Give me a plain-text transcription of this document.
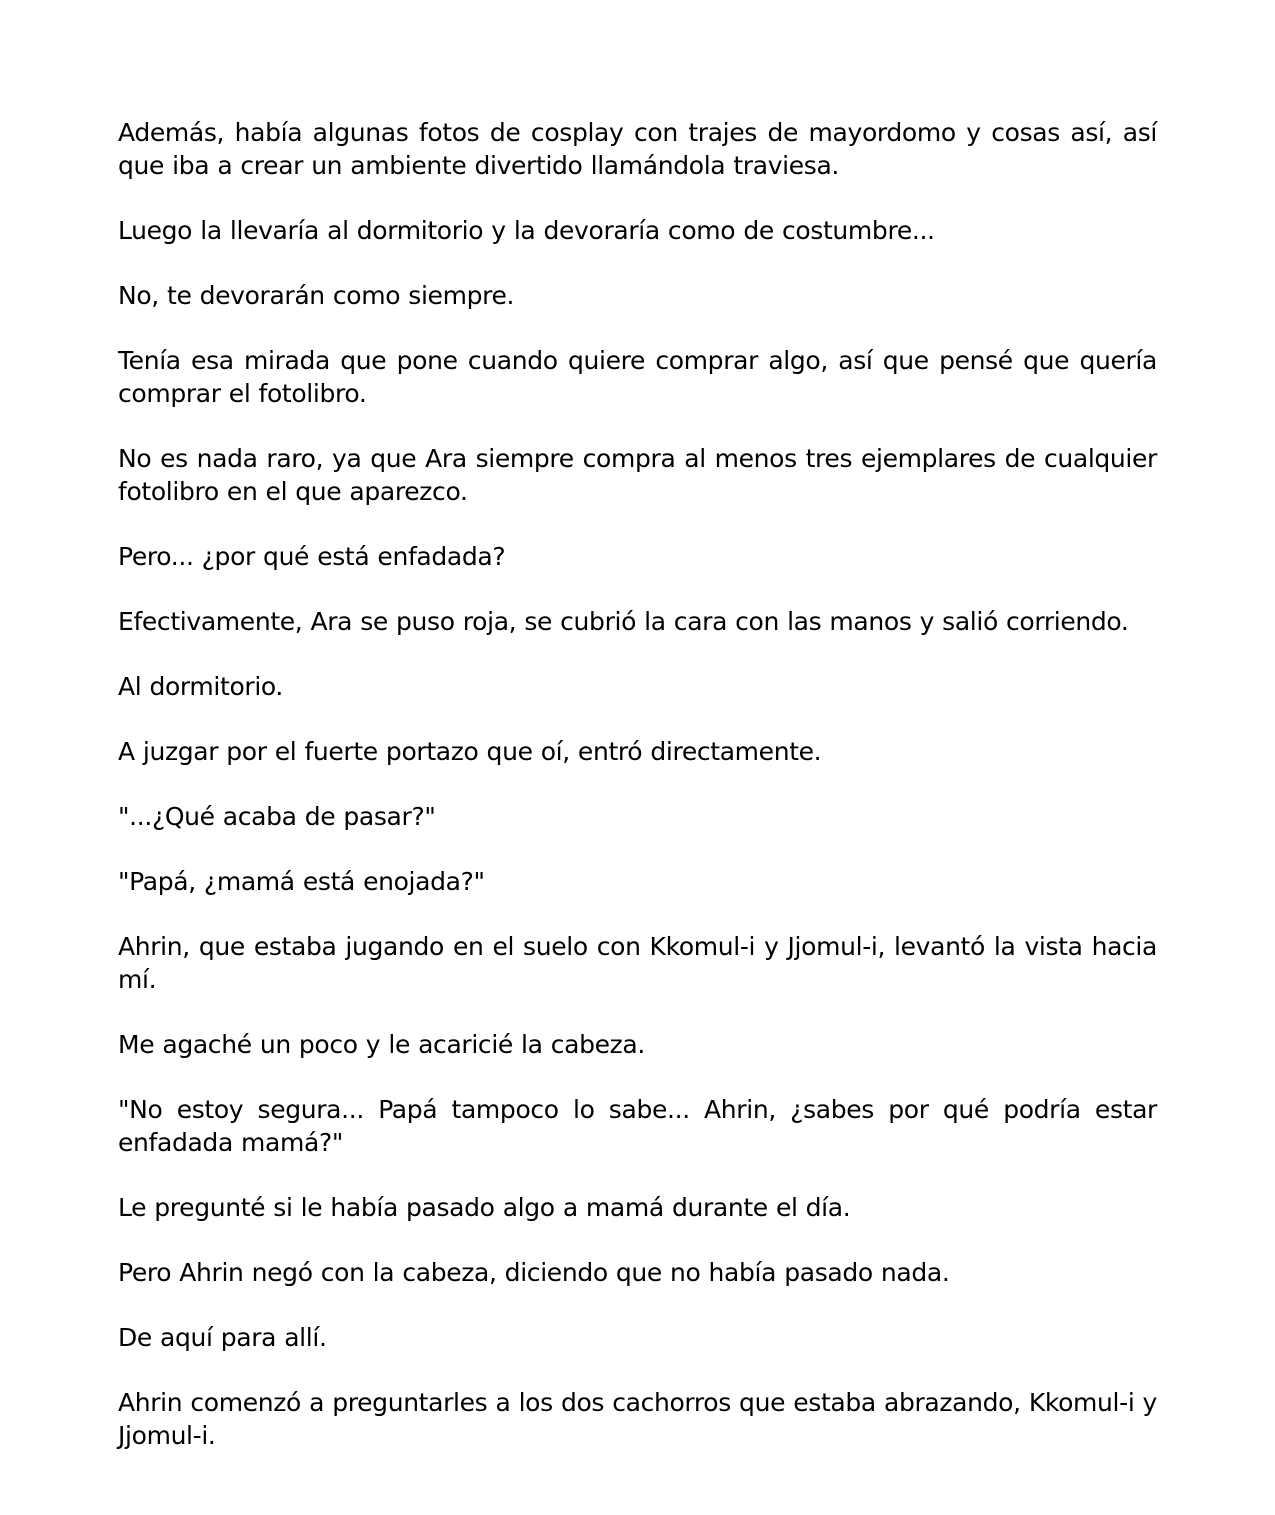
Además, había algunas fotos de cosplay con trajes de mayordomo y cosas así, así que iba a crear un ambiente divertido llamándola traviesa.

Luego la llevaría al dormitorio y la devoraría como de costumbre...

No, te devorarán como siempre.

Tenía esa mirada que pone cuando quiere comprar algo, así que pensé que quería comprar el fotolibro.

No es nada raro, ya que Ara siempre compra al menos tres ejemplares de cualquier fotolibro en el que aparezco.

Pero... ¿por qué está enfadada?

Efectivamente, Ara se puso roja, se cubrió la cara con las manos y salió corriendo.

Al dormitorio.

A juzgar por el fuerte portazo que oí, entró directamente.

"...¿Qué acaba de pasar?"

"Papá, ¿mamá está enojada?"

Ahrin, que estaba jugando en el suelo con Kkomul-i y Jjomul-i, levantó la vista hacia mí.

Me agaché un poco y le acaricié la cabeza.

"No estoy segura... Papá tampoco lo sabe... Ahrin, ¿sabes por qué podría estar enfadada mamá?"

Le pregunté si le había pasado algo a mamá durante el día.

Pero Ahrin negó con la cabeza, diciendo que no había pasado nada.

De aquí para allí.

Ahrin comenzó a preguntarles a los dos cachorros que estaba abrazando, Kkomul-i y Jjomul-i.
